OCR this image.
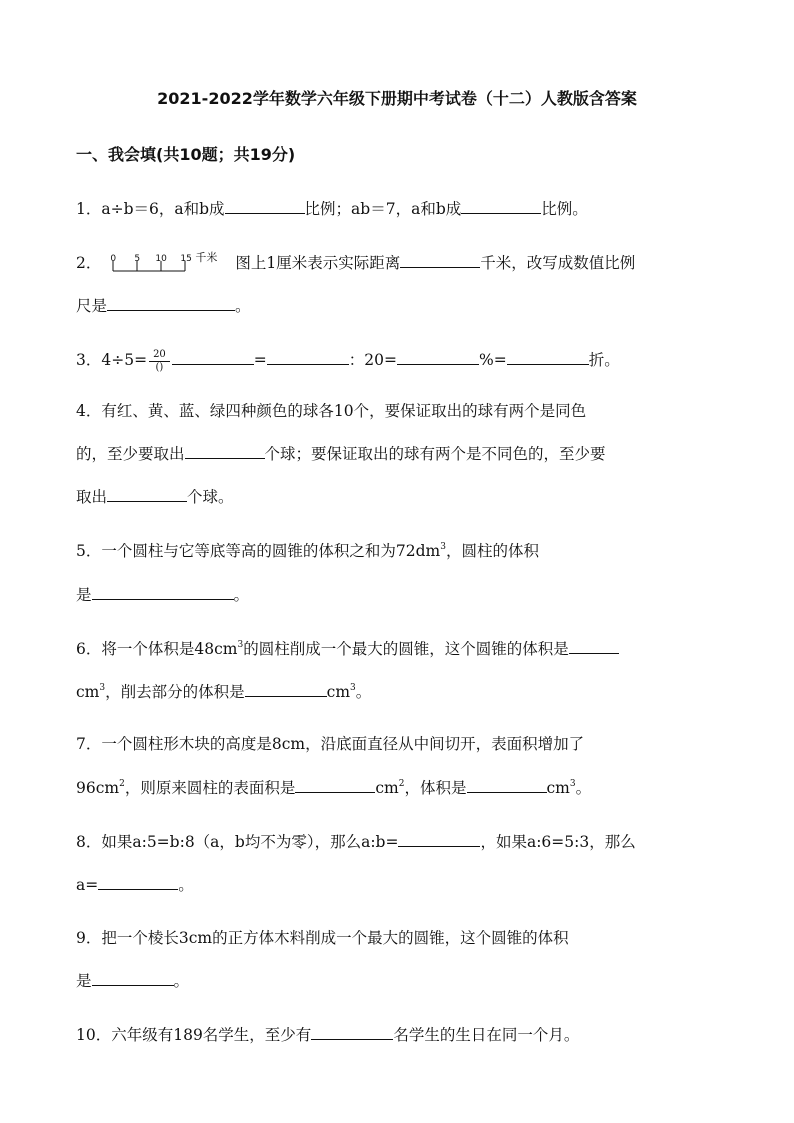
2021-2022学年数学六年级下册期中考试卷（十二）人教版含答案
一、我会填(共10题；共19分)
1．a÷b＝6，a和b成	比例；ab＝7，a和b成	比例。
2． 0 5 10 15 千米 图上1厘米表示实际距离	千米，改写成数值比例
尺是	。
3．$4\div 5= \frac{20}{()}$	=	：20=	%=	折。
4．有红、黄、蓝、绿四种颜色的球各10个，要保证取出的球有两个是同色
的，至少要取出	个球；要保证取出的球有两个是不同色的，至少要
取出	个球。
5．一个圆柱与它等底等高的圆锥的体积之和为$72dm^3$，圆柱的体积
是	。
6．将一个体积是$48cm^3$的圆柱削成一个最大的圆锥，这个圆锥的体积是
$cm^3$，削去部分的体积是	$cm^3$。
7．一个圆柱形木块的高度是8cm，沿底面直径从中间切开，表面积增加了
$96cm^2$，则原来圆柱的表面积是	$cm^2$，体积是	$cm^3$。
8．如果a:5=b:8（a，b均不为零），那么a:b=	，如果a:6=5:3，那么
a=	。
9．把一个棱长3cm的正方体木料削成一个最大的圆锥，这个圆锥的体积
是	。
10．六年级有189名学生，至少有	名学生的生日在同一个月。
